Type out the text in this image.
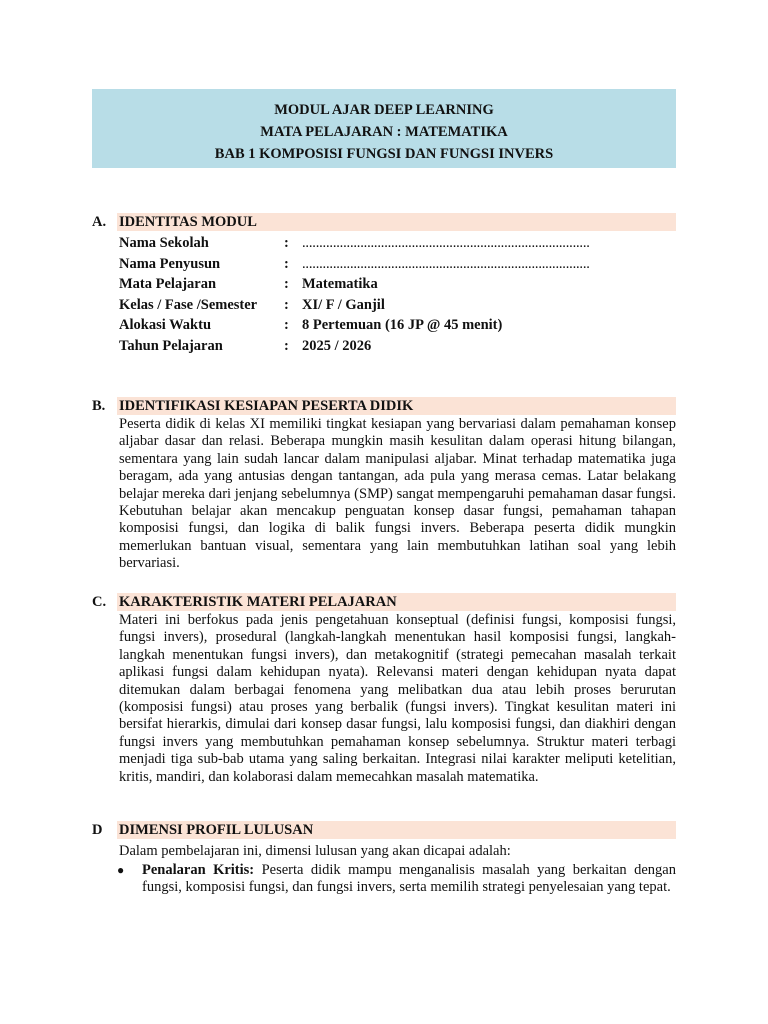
MODUL AJAR DEEP LEARNING
MATA PELAJARAN : MATEMATIKA
BAB 1 KOMPOSISI FUNGSI DAN FUNGSI INVERS
A. IDENTITAS MODUL
Nama Sekolah	: ....................................................................................
Nama Penyusun	: ....................................................................................
Mata Pelajaran	: Matematika
Kelas / Fase /Semester : XI/ F / Ganjil
Alokasi Waktu	: 8 Pertemuan (16 JP @ 45 menit)
Tahun Pelajaran	: 2025 / 2026
B. IDENTIFIKASI KESIAPAN PESERTA DIDIK
Peserta didik di kelas XI memiliki tingkat kesiapan yang bervariasi dalam pemahaman konsep aljabar dasar dan relasi. Beberapa mungkin masih kesulitan dalam operasi hitung bilangan, sementara yang lain sudah lancar dalam manipulasi aljabar. Minat terhadap matematika juga beragam, ada yang antusias dengan tantangan, ada pula yang merasa cemas. Latar belakang belajar mereka dari jenjang sebelumnya (SMP) sangat mempengaruhi pemahaman dasar fungsi. Kebutuhan belajar akan mencakup penguatan konsep dasar fungsi, pemahaman tahapan komposisi fungsi, dan logika di balik fungsi invers. Beberapa peserta didik mungkin memerlukan bantuan visual, sementara yang lain membutuhkan latihan soal yang lebih bervariasi.
C. KARAKTERISTIK MATERI PELAJARAN
Materi ini berfokus pada jenis pengetahuan konseptual (definisi fungsi, komposisi fungsi, fungsi invers), prosedural (langkah-langkah menentukan hasil komposisi fungsi, langkah-langkah menentukan fungsi invers), dan metakognitif (strategi pemecahan masalah terkait aplikasi fungsi dalam kehidupan nyata). Relevansi materi dengan kehidupan nyata dapat ditemukan dalam berbagai fenomena yang melibatkan dua atau lebih proses berurutan (komposisi fungsi) atau proses yang berbalik (fungsi invers). Tingkat kesulitan materi ini bersifat hierarkis, dimulai dari konsep dasar fungsi, lalu komposisi fungsi, dan diakhiri dengan fungsi invers yang membutuhkan pemahaman konsep sebelumnya. Struktur materi terbagi menjadi tiga sub-bab utama yang saling berkaitan. Integrasi nilai karakter meliputi ketelitian, kritis, mandiri, dan kolaborasi dalam memecahkan masalah matematika.
D DIMENSI PROFIL LULUSAN
Dalam pembelajaran ini, dimensi lulusan yang akan dicapai adalah:
● Penalaran Kritis: Peserta didik mampu menganalisis masalah yang berkaitan dengan fungsi, komposisi fungsi, dan fungsi invers, serta memilih strategi penyelesaian yang tepat.
